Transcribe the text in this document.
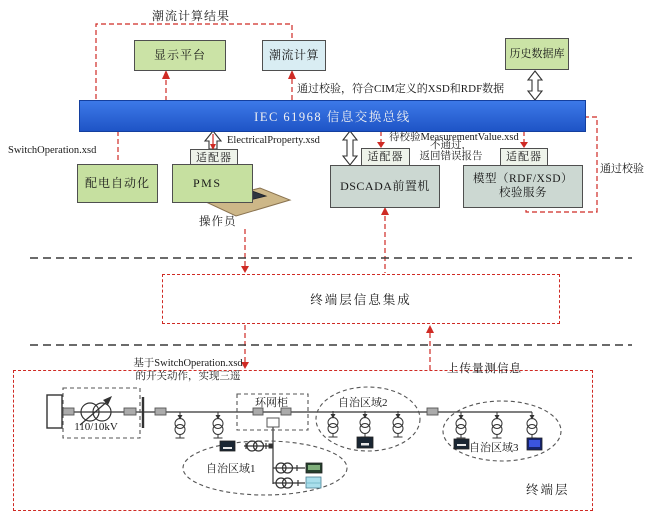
显示平台	潮流计算	历史数据库
IEC 61968 信息交换总线
配电自动化
适配器
PMS
适配器	适配器
DSCADA前置机	模型（RDF/XSD）
校验服务
终端层信息集成
潮流计算结果
通过校验，符合CIM定义的XSD和RDF数据
SwitchOperation.xsd
ElectricalProperty.xsd	待校验MeasurementValue.xsd
不通过，
返回错误报告
通过校验
操作员
基于SwitchOperation.xsd
的开关动作，实现三遥
上传量测信息
110/10kV
环网柜
自治区域1
自治区域2
自治区域3
终端层
